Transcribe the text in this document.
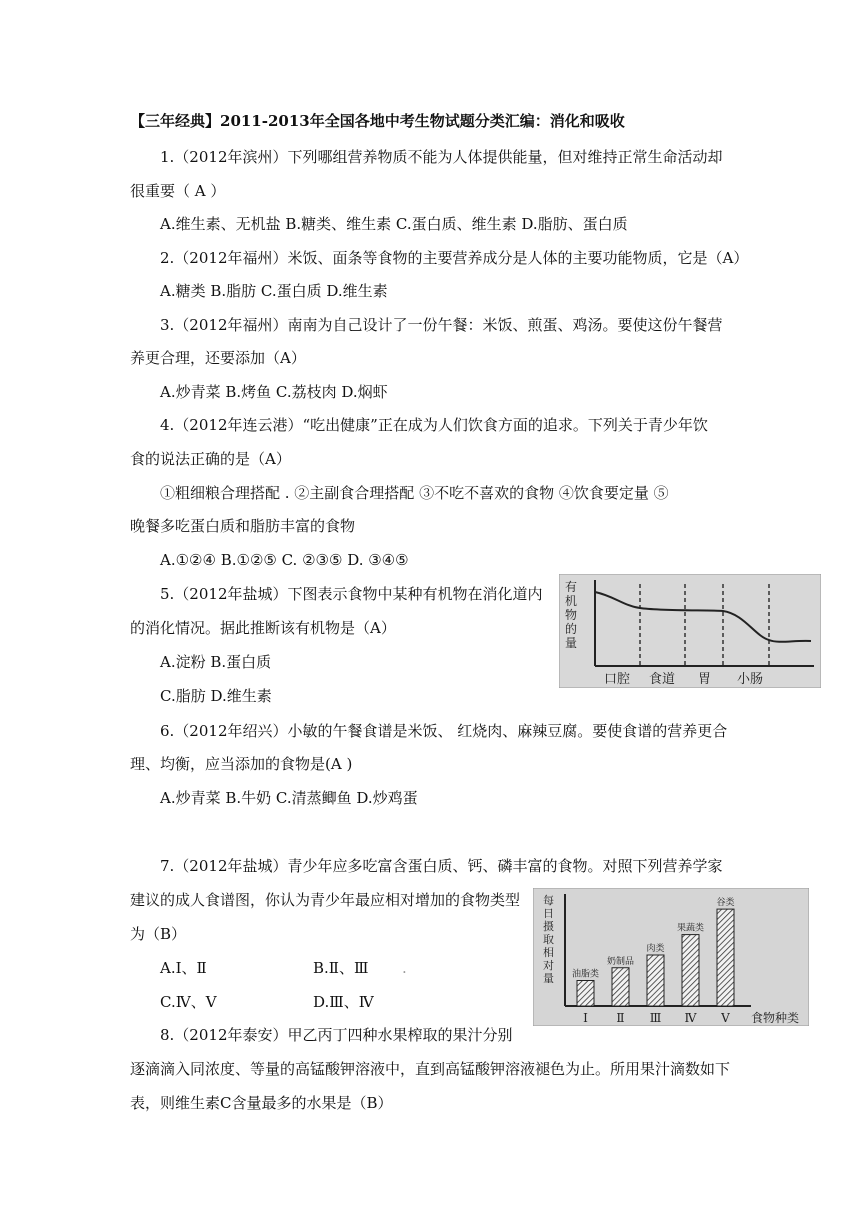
【三年经典】2011-2013年全国各地中考生物试题分类汇编：消化和吸收
1.（2012年滨州）下列哪组营养物质不能为人体提供能量，但对维持正常生命活动却
很重要（ A ）
A.维生素、无机盐 B.糖类、维生素 C.蛋白质、维生素 D.脂肪、蛋白质
2.（2012年福州）米饭、面条等食物的主要营养成分是人体的主要功能物质，它是（A）
A.糖类 B.脂肪 C.蛋白质 D.维生素
3.（2012年福州）南南为自己设计了一份午餐：米饭、煎蛋、鸡汤。要使这份午餐营
养更合理，还要添加（A）
A.炒青菜 B.烤鱼 C.荔枝肉 D.焖虾
4.（2012年连云港）“吃出健康”正在成为人们饮食方面的追求。下列关于青少年饮
食的说法正确的是（A）
①粗细粮合理搭配 . ②主副食合理搭配 ③不吃不喜欢的食物 ④饮食要定量 ⑤
晚餐多吃蛋白质和脂肪丰富的食物
A.①②④ B.①②⑤ C. ②③⑤ D. ③④⑤
5.（2012年盐城）下图表示食物中某种有机物在消化道内
的消化情况。据此推断该有机物是（A）
A.淀粉 B.蛋白质
C.脂肪 D.维生素
有
机
物
的
量
口腔 食道 胃 小肠
6.（2012年绍兴）小敏的午餐食谱是米饭、 红烧肉、麻辣豆腐。要使食谱的营养更合
理、均衡，应当添加的食物是(A )
A.炒青菜 B.牛奶 C.清蒸鲫鱼 D.炒鸡蛋
7.（2012年盐城）青少年应多吃富含蛋白质、钙、磷丰富的食物。对照下列营养学家
建议的成人食谱图，你认为青少年最应相对增加的食物类型
为（B）
A.Ⅰ、Ⅱ	B.Ⅱ、Ⅲ .
C.Ⅳ、Ⅴ	D.Ⅲ、Ⅳ
每
日
摄
取
相
对
量
食物种类
油脂类
Ⅰ
奶制品
Ⅱ
肉类
Ⅲ
果蔬类
Ⅳ
谷类
Ⅴ
8.（2012年泰安）甲乙丙丁四种水果榨取的果汁分别
逐滴滴入同浓度、等量的高锰酸钾溶液中，直到高锰酸钾溶液褪色为止。所用果汁滴数如下
表，则维生素C含量最多的水果是（B）
